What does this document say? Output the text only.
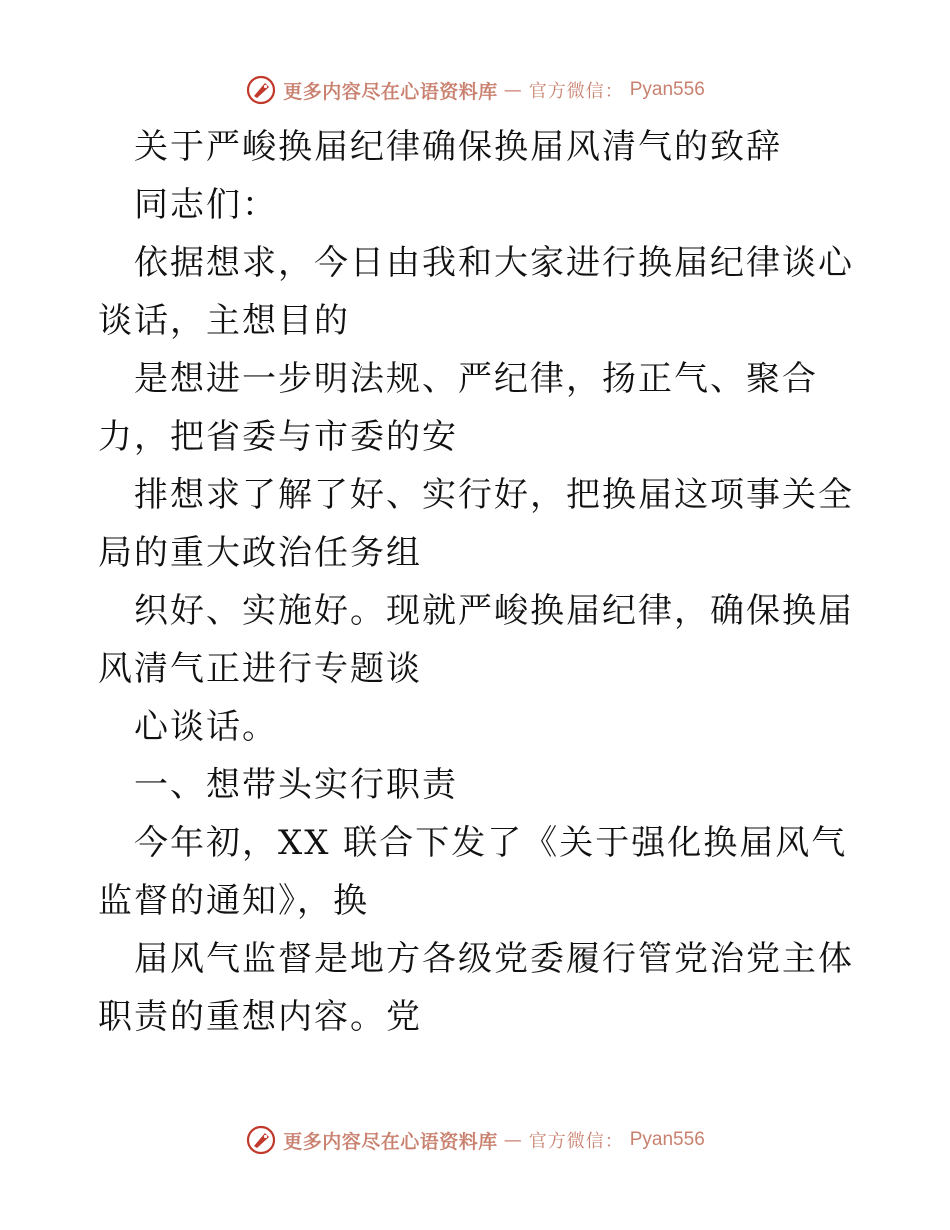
更多内容尽在心语资料库 — 官方微信： Pyan556

关于严峻换届纪律确保换届风清气的致辞

同志们：

依据想求，今日由我和大家进行换届纪律谈心谈话，主想目的

是想进一步明法规、严纪律，扬正气、聚合力，把省委与市委的安

排想求了解了好、实行好，把换届这项事关全局的重大政治任务组

织好、实施好。现就严峻换届纪律，确保换届风清气正进行专题谈

心谈话。

一、想带头实行职责

今年初，XX 联合下发了《关于强化换届风气监督的通知》，换

届风气监督是地方各级党委履行管党治党主体职责的重想内容。党

更多内容尽在心语资料库 — 官方微信： Pyan556
